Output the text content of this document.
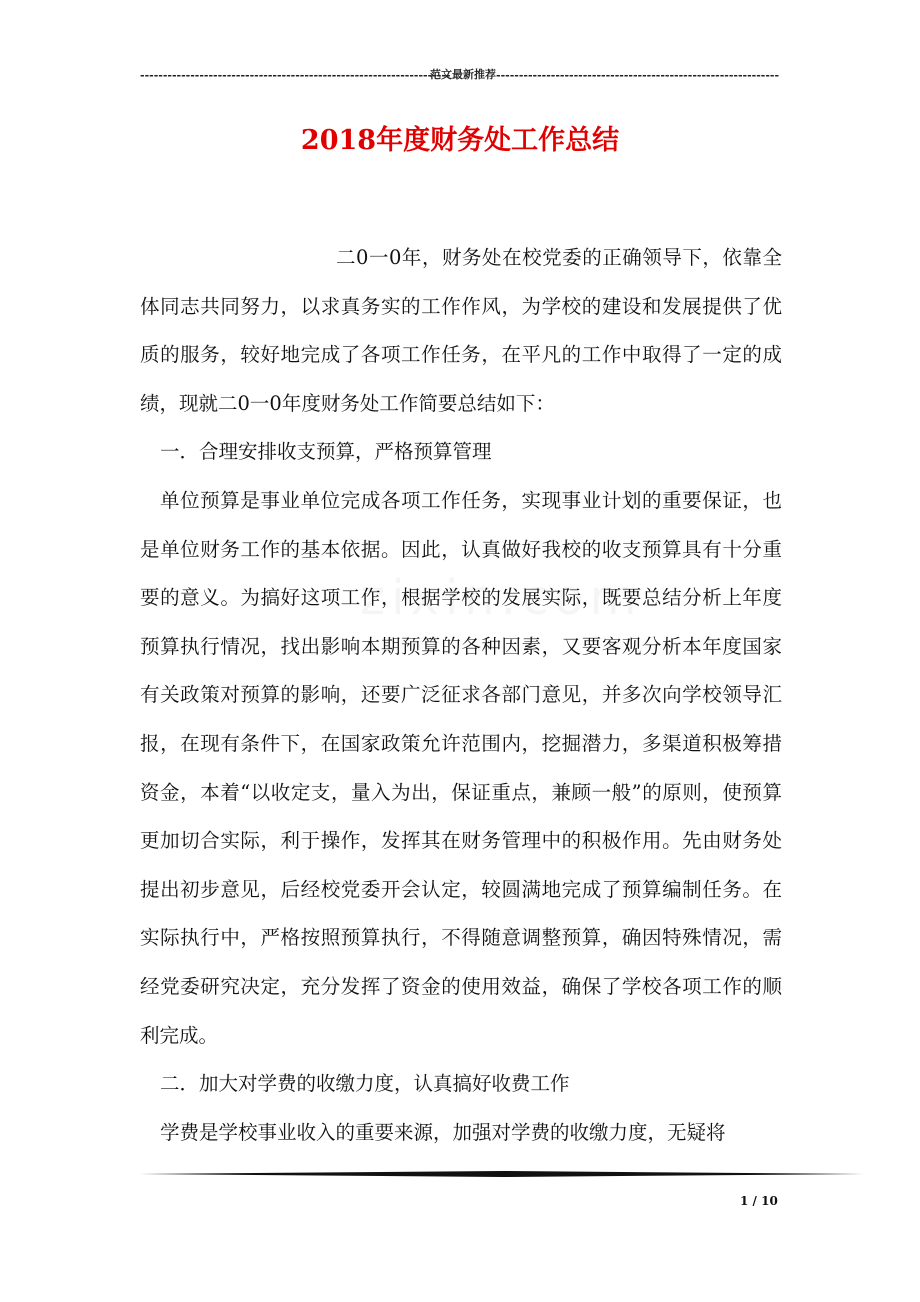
--------------------------------------------------------------------范文最新推荐--------------------------------------------------------------
2018年度财务处工作总结

二0一0年，财务处在校党委的正确领导下，依靠全体同志共同努力，以求真务实的工作作风，为学校的建设和发展提供了优质的服务，较好地完成了各项工作任务，在平凡的工作中取得了一定的成绩，现就二0一0年度财务处工作简要总结如下：

一．合理安排收支预算，严格预算管理

单位预算是事业单位完成各项工作任务，实现事业计划的重要保证，也是单位财务工作的基本依据。因此，认真做好我校的收支预算具有十分重要的意义。为搞好这项工作，根据学校的发展实际，既要总结分析上年度预算执行情况，找出影响本期预算的各种因素，又要客观分析本年度国家有关政策对预算的影响，还要广泛征求各部门意见，并多次向学校领导汇报，在现有条件下，在国家政策允许范围内，挖掘潜力，多渠道积极筹措资金，本着“以收定支，量入为出，保证重点，兼顾一般”的原则，使预算更加切合实际，利于操作，发挥其在财务管理中的积极作用。先由财务处提出初步意见，后经校党委开会认定，较圆满地完成了预算编制任务。在实际执行中，严格按照预算执行，不得随意调整预算，确因特殊情况，需经党委研究决定，充分发挥了资金的使用效益，确保了学校各项工作的顺利完成。

二．加大对学费的收缴力度，认真搞好收费工作

学费是学校事业收入的重要来源，加强对学费的收缴力度，无疑将

1 / 10
